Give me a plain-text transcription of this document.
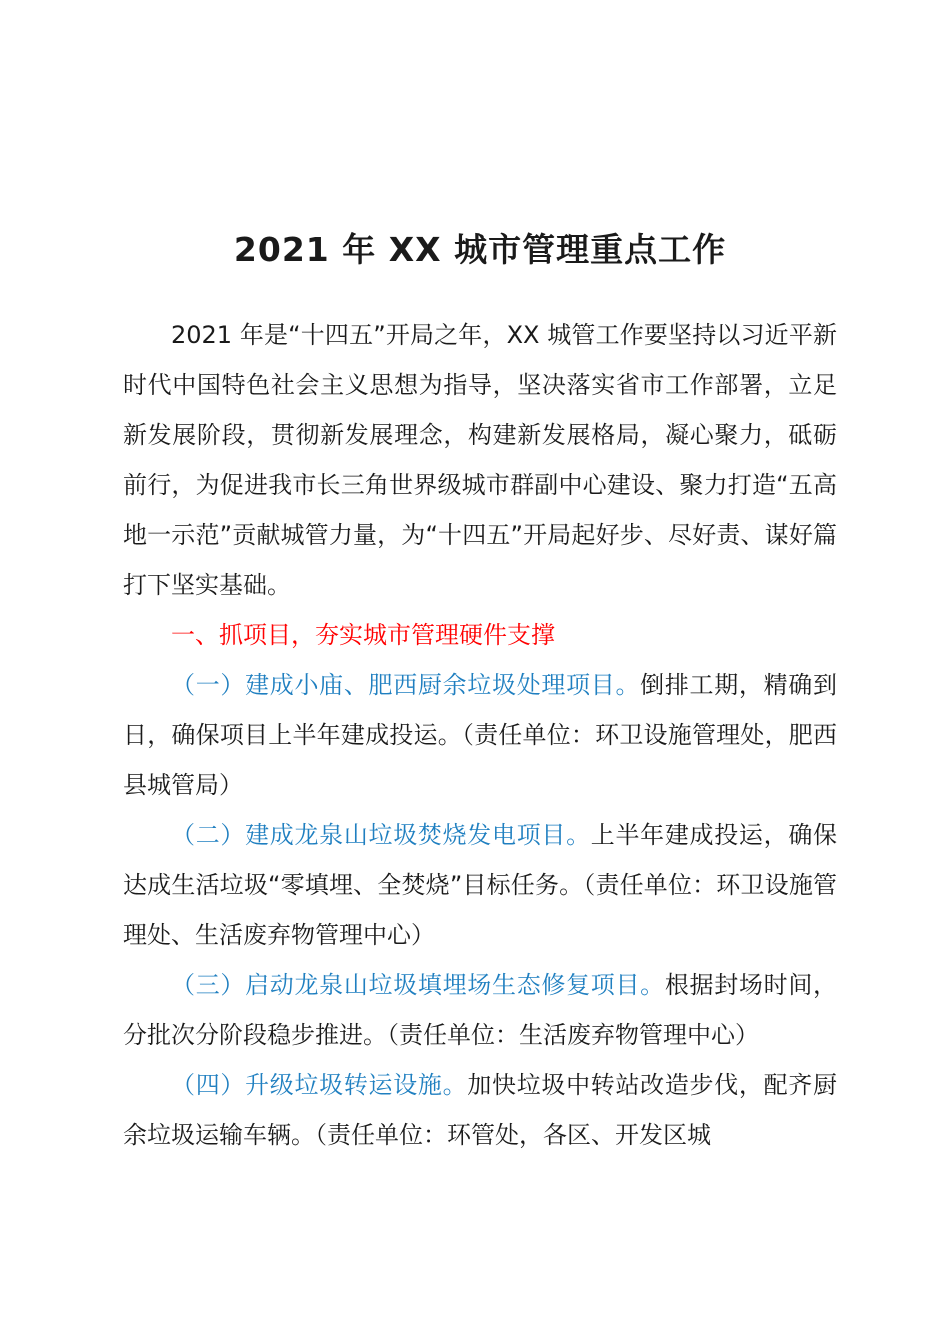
2021 年 XX 城市管理重点工作

2021 年是“十四五”开局之年，XX 城管工作要坚持以习近平新时代中国特色社会主义思想为指导，坚决落实省市工作部署，立足新发展阶段，贯彻新发展理念，构建新发展格局，凝心聚力，砥砺前行，为促进我市长三角世界级城市群副中心建设、聚力打造“五高地一示范”贡献城管力量，为“十四五”开局起好步、尽好责、谋好篇打下坚实基础。

一、抓项目，夯实城市管理硬件支撑

（一）建成小庙、肥西厨余垃圾处理项目。倒排工期，精确到日，确保项目上半年建成投运。（责任单位：环卫设施管理处，肥西县城管局）

（二）建成龙泉山垃圾焚烧发电项目。上半年建成投运，确保达成生活垃圾“零填埋、全焚烧”目标任务。（责任单位：环卫设施管理处、生活废弃物管理中心）

（三）启动龙泉山垃圾填埋场生态修复项目。根据封场时间，分批次分阶段稳步推进。（责任单位：生活废弃物管理中心）

（四）升级垃圾转运设施。加快垃圾中转站改造步伐，配齐厨余垃圾运输车辆。（责任单位：环管处，各区、开发区城
